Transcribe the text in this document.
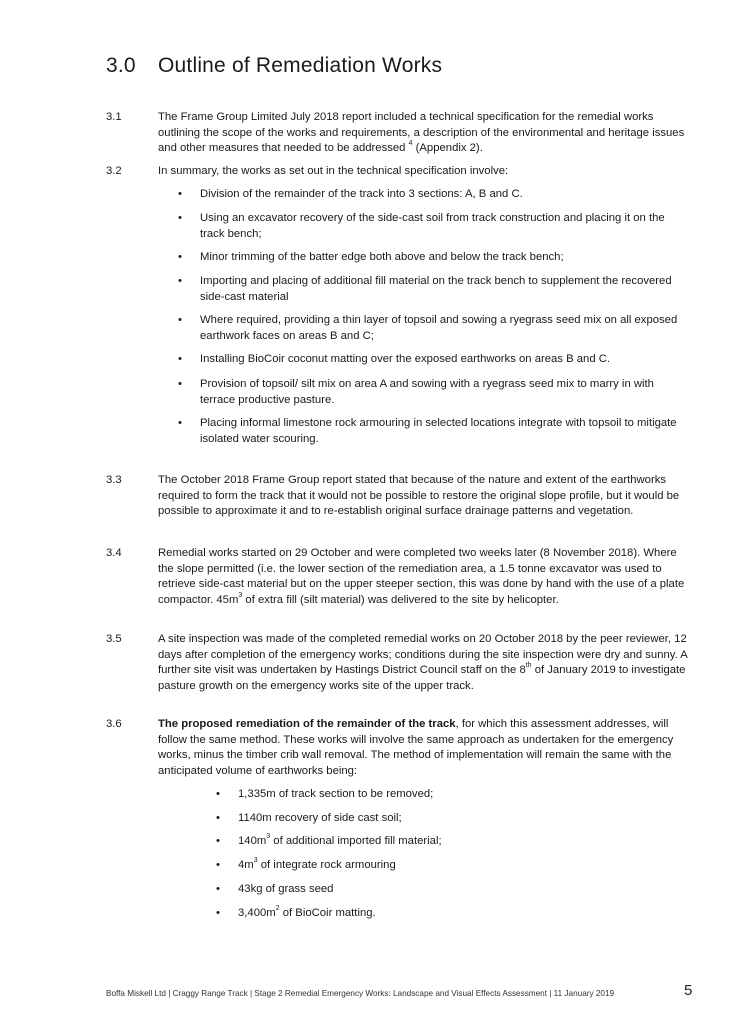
3.0 Outline of Remediation Works
3.1	The Frame Group Limited July 2018 report included a technical specification for the remedial works outlining the scope of the works and requirements, a description of the environmental and heritage issues and other measures that needed to be addressed $^4$ (Appendix 2).
3.2	In summary, the works as set out in the technical specification involve:
• Division of the remainder of the track into 3 sections: A, B and C.
• Using an excavator recovery of the side-cast soil from track construction and placing it on the track bench;
• Minor trimming of the batter edge both above and below the track bench;
• Importing and placing of additional fill material on the track bench to supplement the recovered side-cast material
• Where required, providing a thin layer of topsoil and sowing a ryegrass seed mix on all exposed earthwork faces on areas B and C;
• Installing BioCoir coconut matting over the exposed earthworks on areas B and C.
• Provision of topsoil/ silt mix on area A and sowing with a ryegrass seed mix to marry in with terrace productive pasture.
• Placing informal limestone rock armouring in selected locations integrate with topsoil to mitigate isolated water scouring.
3.3	The October 2018 Frame Group report stated that because of the nature and extent of the earthworks required to form the track that it would not be possible to restore the original slope profile, but it would be possible to approximate it and to re-establish original surface drainage patterns and vegetation.
3.4	Remedial works started on 29 October and were completed two weeks later (8 November 2018). Where the slope permitted (i.e. the lower section of the remediation area, a 1.5 tonne excavator was used to retrieve side-cast material but on the upper steeper section, this was done by hand with the use of a plate compactor. $45m^3$ of extra fill (silt material) was delivered to the site by helicopter.
3.5	A site inspection was made of the completed remedial works on 20 October 2018 by the peer reviewer, 12 days after completion of the emergency works; conditions during the site inspection were dry and sunny. A further site visit was undertaken by Hastings District Council staff on the 8th of January 2019 to investigate pasture growth on the emergency works site of the upper track.
3.6	The proposed remediation of the remainder of the track, for which this assessment addresses, will follow the same method. These works will involve the same approach as undertaken for the emergency works, minus the timber crib wall removal. The method of implementation will remain the same with the anticipated volume of earthworks being:
• 1,335m of track section to be removed;
• 1140m recovery of side cast soil;
• $140m^3$ of additional imported fill material;
• $4m^3$ of integrate rock armouring
• 43kg of grass seed
• $3,400m^2$ of BioCoir matting.
Boffa Miskell Ltd | Craggy Range Track | Stage 2 Remedial Emergency Works: Landscape and Visual Effects Assessment | 11 January 2019	5
